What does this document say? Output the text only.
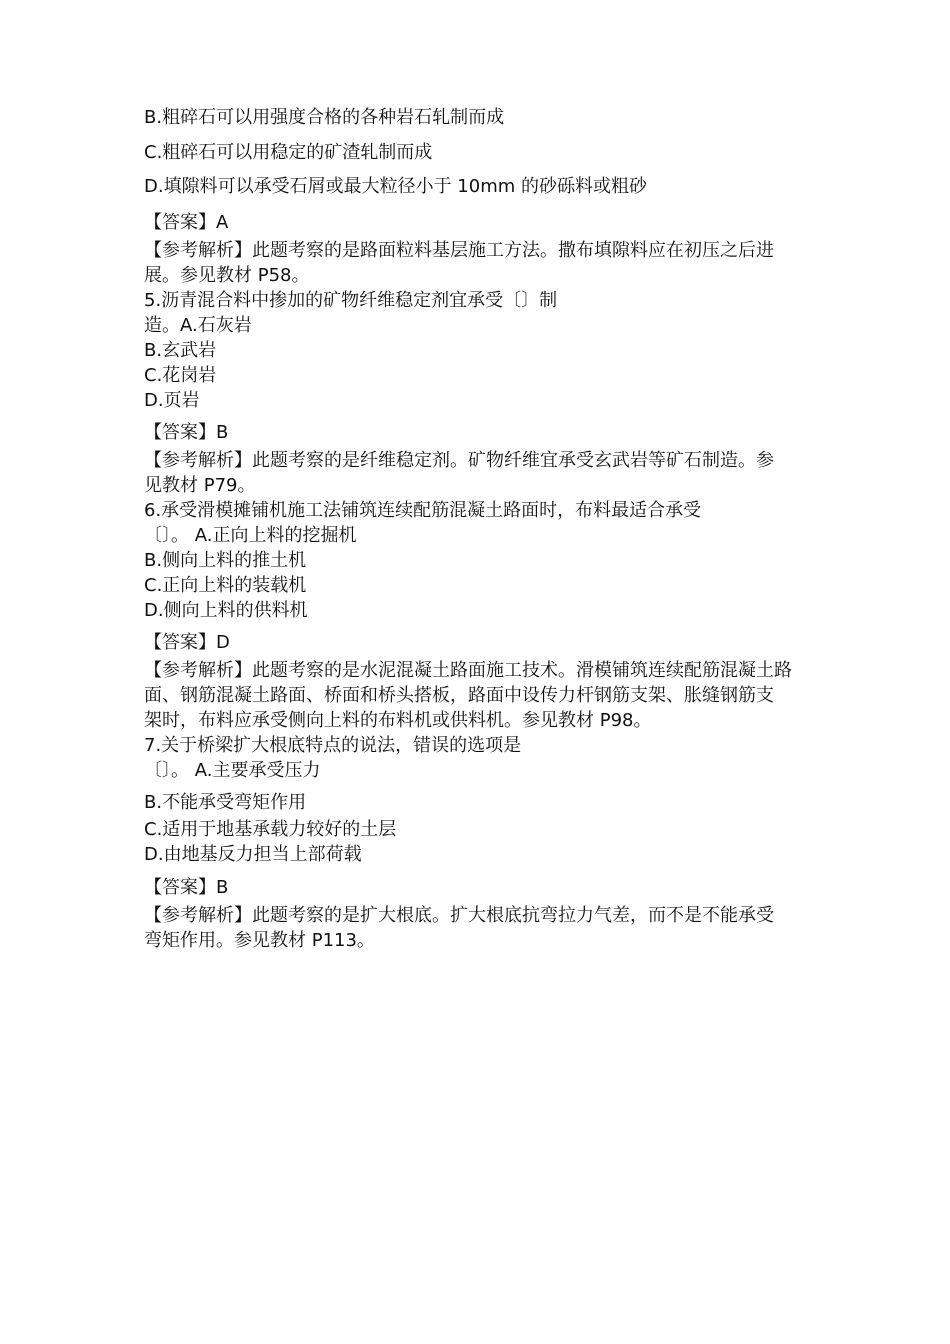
B.粗碎石可以用强度合格的各种岩石轧制而成
C.粗碎石可以用稳定的矿渣轧制而成
D.填隙料可以承受石屑或最大粒径小于 10mm 的砂砾料或粗砂
【答案】A
【参考解析】此题考察的是路面粒料基层施工方法。撒布填隙料应在初压之后进
展。参见教材 P58。
5.沥青混合料中掺加的矿物纤维稳定剂宜承受〔〕制
造。A.石灰岩
B.玄武岩
C.花岗岩
D.页岩
【答案】B
【参考解析】此题考察的是纤维稳定剂。矿物纤维宜承受玄武岩等矿石制造。参
见教材 P79。
6.承受滑模摊铺机施工法铺筑连续配筋混凝土路面时，布料最适合承受
〔〕。 A.正向上料的挖掘机
B.侧向上料的推土机
C.正向上料的装载机
D.侧向上料的供料机
【答案】D
【参考解析】此题考察的是水泥混凝土路面施工技术。滑模铺筑连续配筋混凝土路
面、钢筋混凝土路面、桥面和桥头搭板，路面中设传力杆钢筋支架、胀缝钢筋支
架时，布料应承受侧向上料的布料机或供料机。参见教材 P98。
7.关于桥梁扩大根底特点的说法，错误的选项是
〔〕。 A.主要承受压力
B.不能承受弯矩作用
C.适用于地基承载力较好的土层
D.由地基反力担当上部荷载
【答案】B
【参考解析】此题考察的是扩大根底。扩大根底抗弯拉力气差，而不是不能承受
弯矩作用。参见教材 P113。
